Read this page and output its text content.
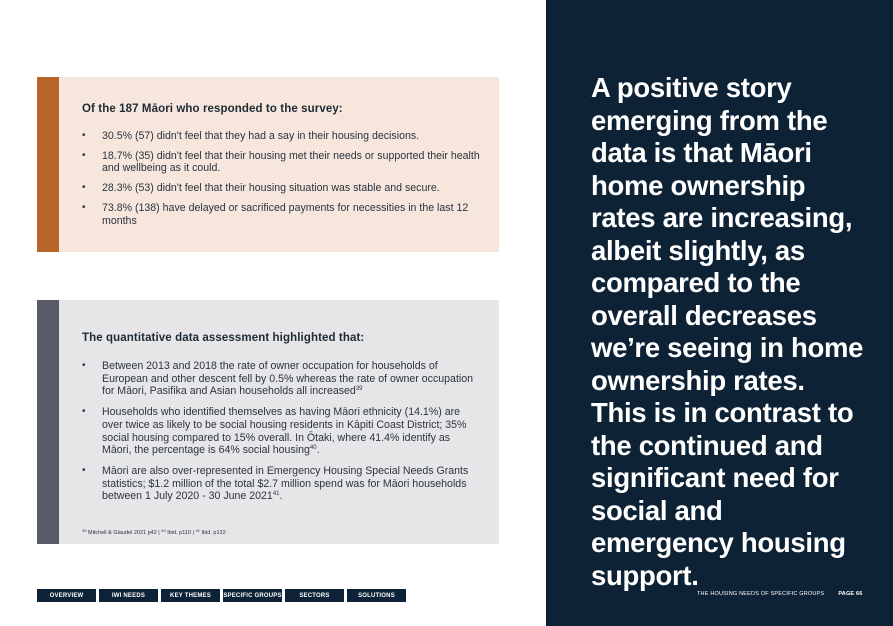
Of the 187 Māori who responded to the survey:
• 30.5% (57) didn't feel that they had a say in their housing decisions.
• 18.7% (35) didn't feel that their housing met their needs or supported their health and wellbeing as it could.
• 28.3% (53) didn't feel that their housing situation was stable and secure.
• 73.8% (138) have delayed or sacrificed payments for necessities in the last 12 months
The quantitative data assessment highlighted that:
• Between 2013 and 2018 the rate of owner occupation for households of European and other descent fell by 0.5% whereas the rate of owner occupation for Māori, Pasifika and Asian households all increased$^{39}$
• Households who identified themselves as having Māori ethnicity (14.1%) are over twice as likely to be social housing residents in Kāpiti Coast District; 35% social housing compared to 15% overall. In Ōtaki, where 41.4% identify as Māori, the percentage is 64% social housing$^{40}$.
• Māori are also over-represented in Emergency Housing Special Needs Grants statistics; $1.2 million of the total $2.7 million spend was for Māori households between 1 July 2020 - 30 June 2021$^{41}$.
$^{39}$ Mitchell & Glaudel 2021 p42 | $^{40}$ Ibid. p110 | $^{41}$ Ibid. p132
OVERVIEW	IWI NEEDS	KEY THEMES	SPECIFIC GROUPS	SECTORS	SOLUTIONS

A positive story emerging from the data is that Māori home ownership rates are increasing, albeit slightly, as compared to the overall decreases we’re seeing in home ownership rates. This is in contrast to the continued and significant need for social and emergency housing support.

THE HOUSING NEEDS OF SPECIFIC GROUPS	PAGE 66
